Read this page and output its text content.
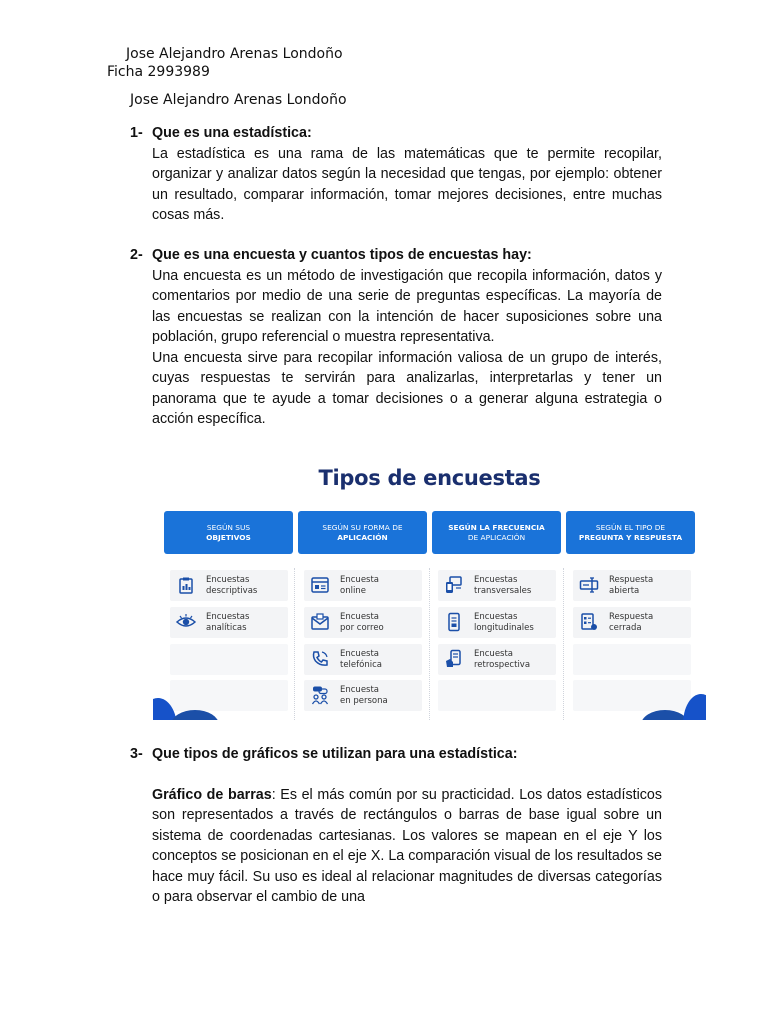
Jose Alejandro Arenas Londoño
Ficha 2993989
Jose Alejandro Arenas Londoño
1- Que es una estadística:

La estadística es una rama de las matemáticas que te permite recopilar, organizar y analizar datos según la necesidad que tengas, por ejemplo: obtener un resultado, comparar información, tomar mejores decisiones, entre muchas cosas más.

2- Que es una encuesta y cuantos tipos de encuestas hay:

Una encuesta es un método de investigación que recopila información, datos y comentarios por medio de una serie de preguntas específicas. La mayoría de las encuestas se realizan con la intención de hacer suposiciones sobre una población, grupo referencial o muestra representativa.

Una encuesta sirve para recopilar información valiosa de un grupo de interés, cuyas respuestas te servirán para analizarlas, interpretarlas y tener un panorama que te ayude a tomar decisiones o a generar alguna estrategia o acción específica.

Tipos de encuestas
SEGÚN SUS
OBJETIVOS
SEGÚN SU FORMA DE
APLICACIÓN
SEGÚN LA FRECUENCIA
DE APLICACIÓN
SEGÚN EL TIPO DE
PREGUNTA Y RESPUESTA
Encuestas
descriptivas
Encuestas
analíticas
Encuesta
online
Encuesta
por correo
Encuesta
telefónica
Encuesta
en persona
Encuestas
transversales
Encuestas
longitudinales
Encuesta
retrospectiva
Respuesta
abierta
Respuesta
cerrada
3- Que tipos de gráficos se utilizan para una estadística:

Gráfico de barras: Es el más común por su practicidad. Los datos estadísticos son representados a través de rectángulos o barras de base igual sobre un sistema de coordenadas cartesianas. Los valores se mapean en el eje Y los conceptos se posicionan en el eje X. La comparación visual de los resultados se hace muy fácil. Su uso es ideal al relacionar magnitudes de diversas categorías o para observar el cambio de una
